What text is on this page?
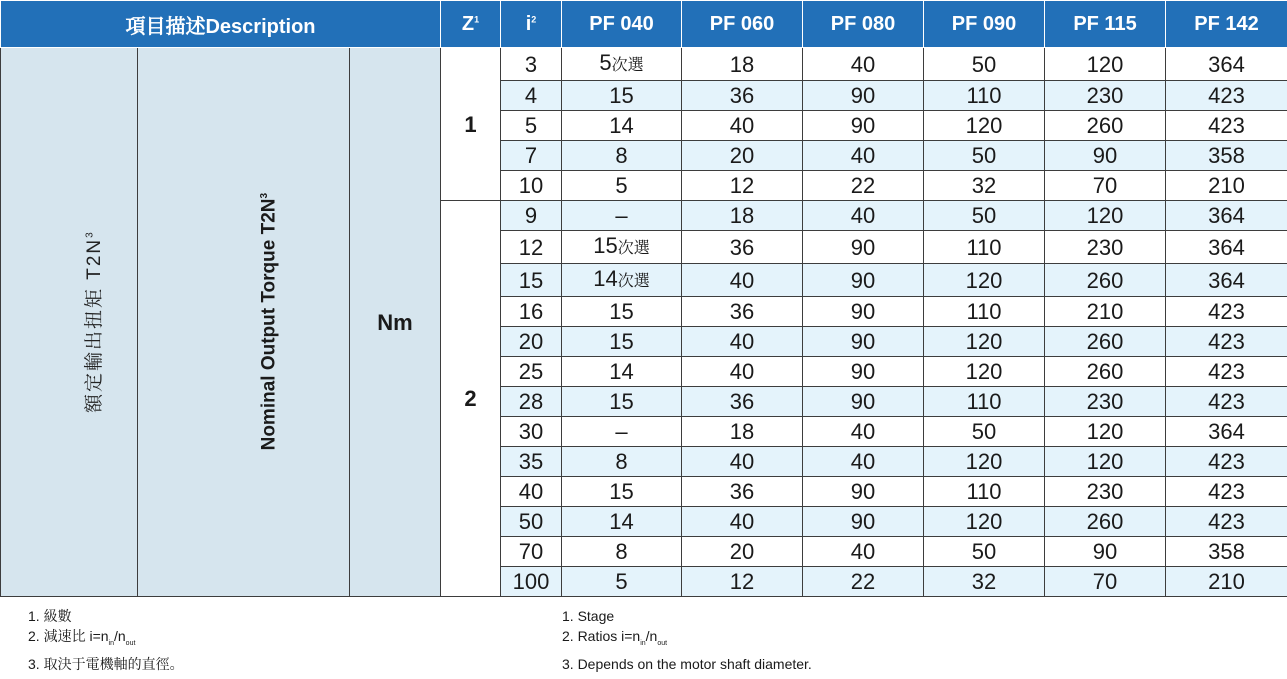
項目描述Description			$Z^1$	$i^2$	PF 040	PF 060	PF 080	PF 090	PF 115	PF 142
額定輸出扭矩 $T2N^3$	Nominal Output Torque $T2N^3$	Nm	1	3	5次選	18	40	50	120	364
				4	15	36	90	110	230	423
				5	14	40	90	120	260	423
				7	8	20	40	50	90	358
				10	5	12	22	32	70	210
			2	9	–	18	40	50	120	364
				12	15次選	36	90	110	230	364
				15	14次選	40	90	120	260	364
				16	15	36	90	110	210	423
				20	15	40	90	120	260	423
				25	14	40	90	120	260	423
				28	15	36	90	110	230	423
				30	–	18	40	50	120	364
				35	8	40	40	120	120	423
				40	15	36	90	110	230	423
				50	14	40	90	120	260	423
				70	8	20	40	50	90	358
				100	5	12	22	32	70	210
1. 級數
2. 減速比 $i=n_{in}/n_{out}$
3. 取決于電機軸的直徑。
1. Stage
2. Ratios $i=n_{in}/n_{out}$
3. Depends on the motor shaft diameter.
